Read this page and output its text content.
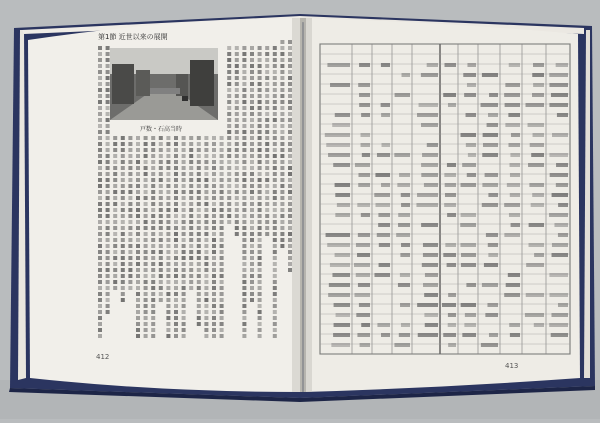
第1節 近世以来の展開
戸数・石高当時
412
413
